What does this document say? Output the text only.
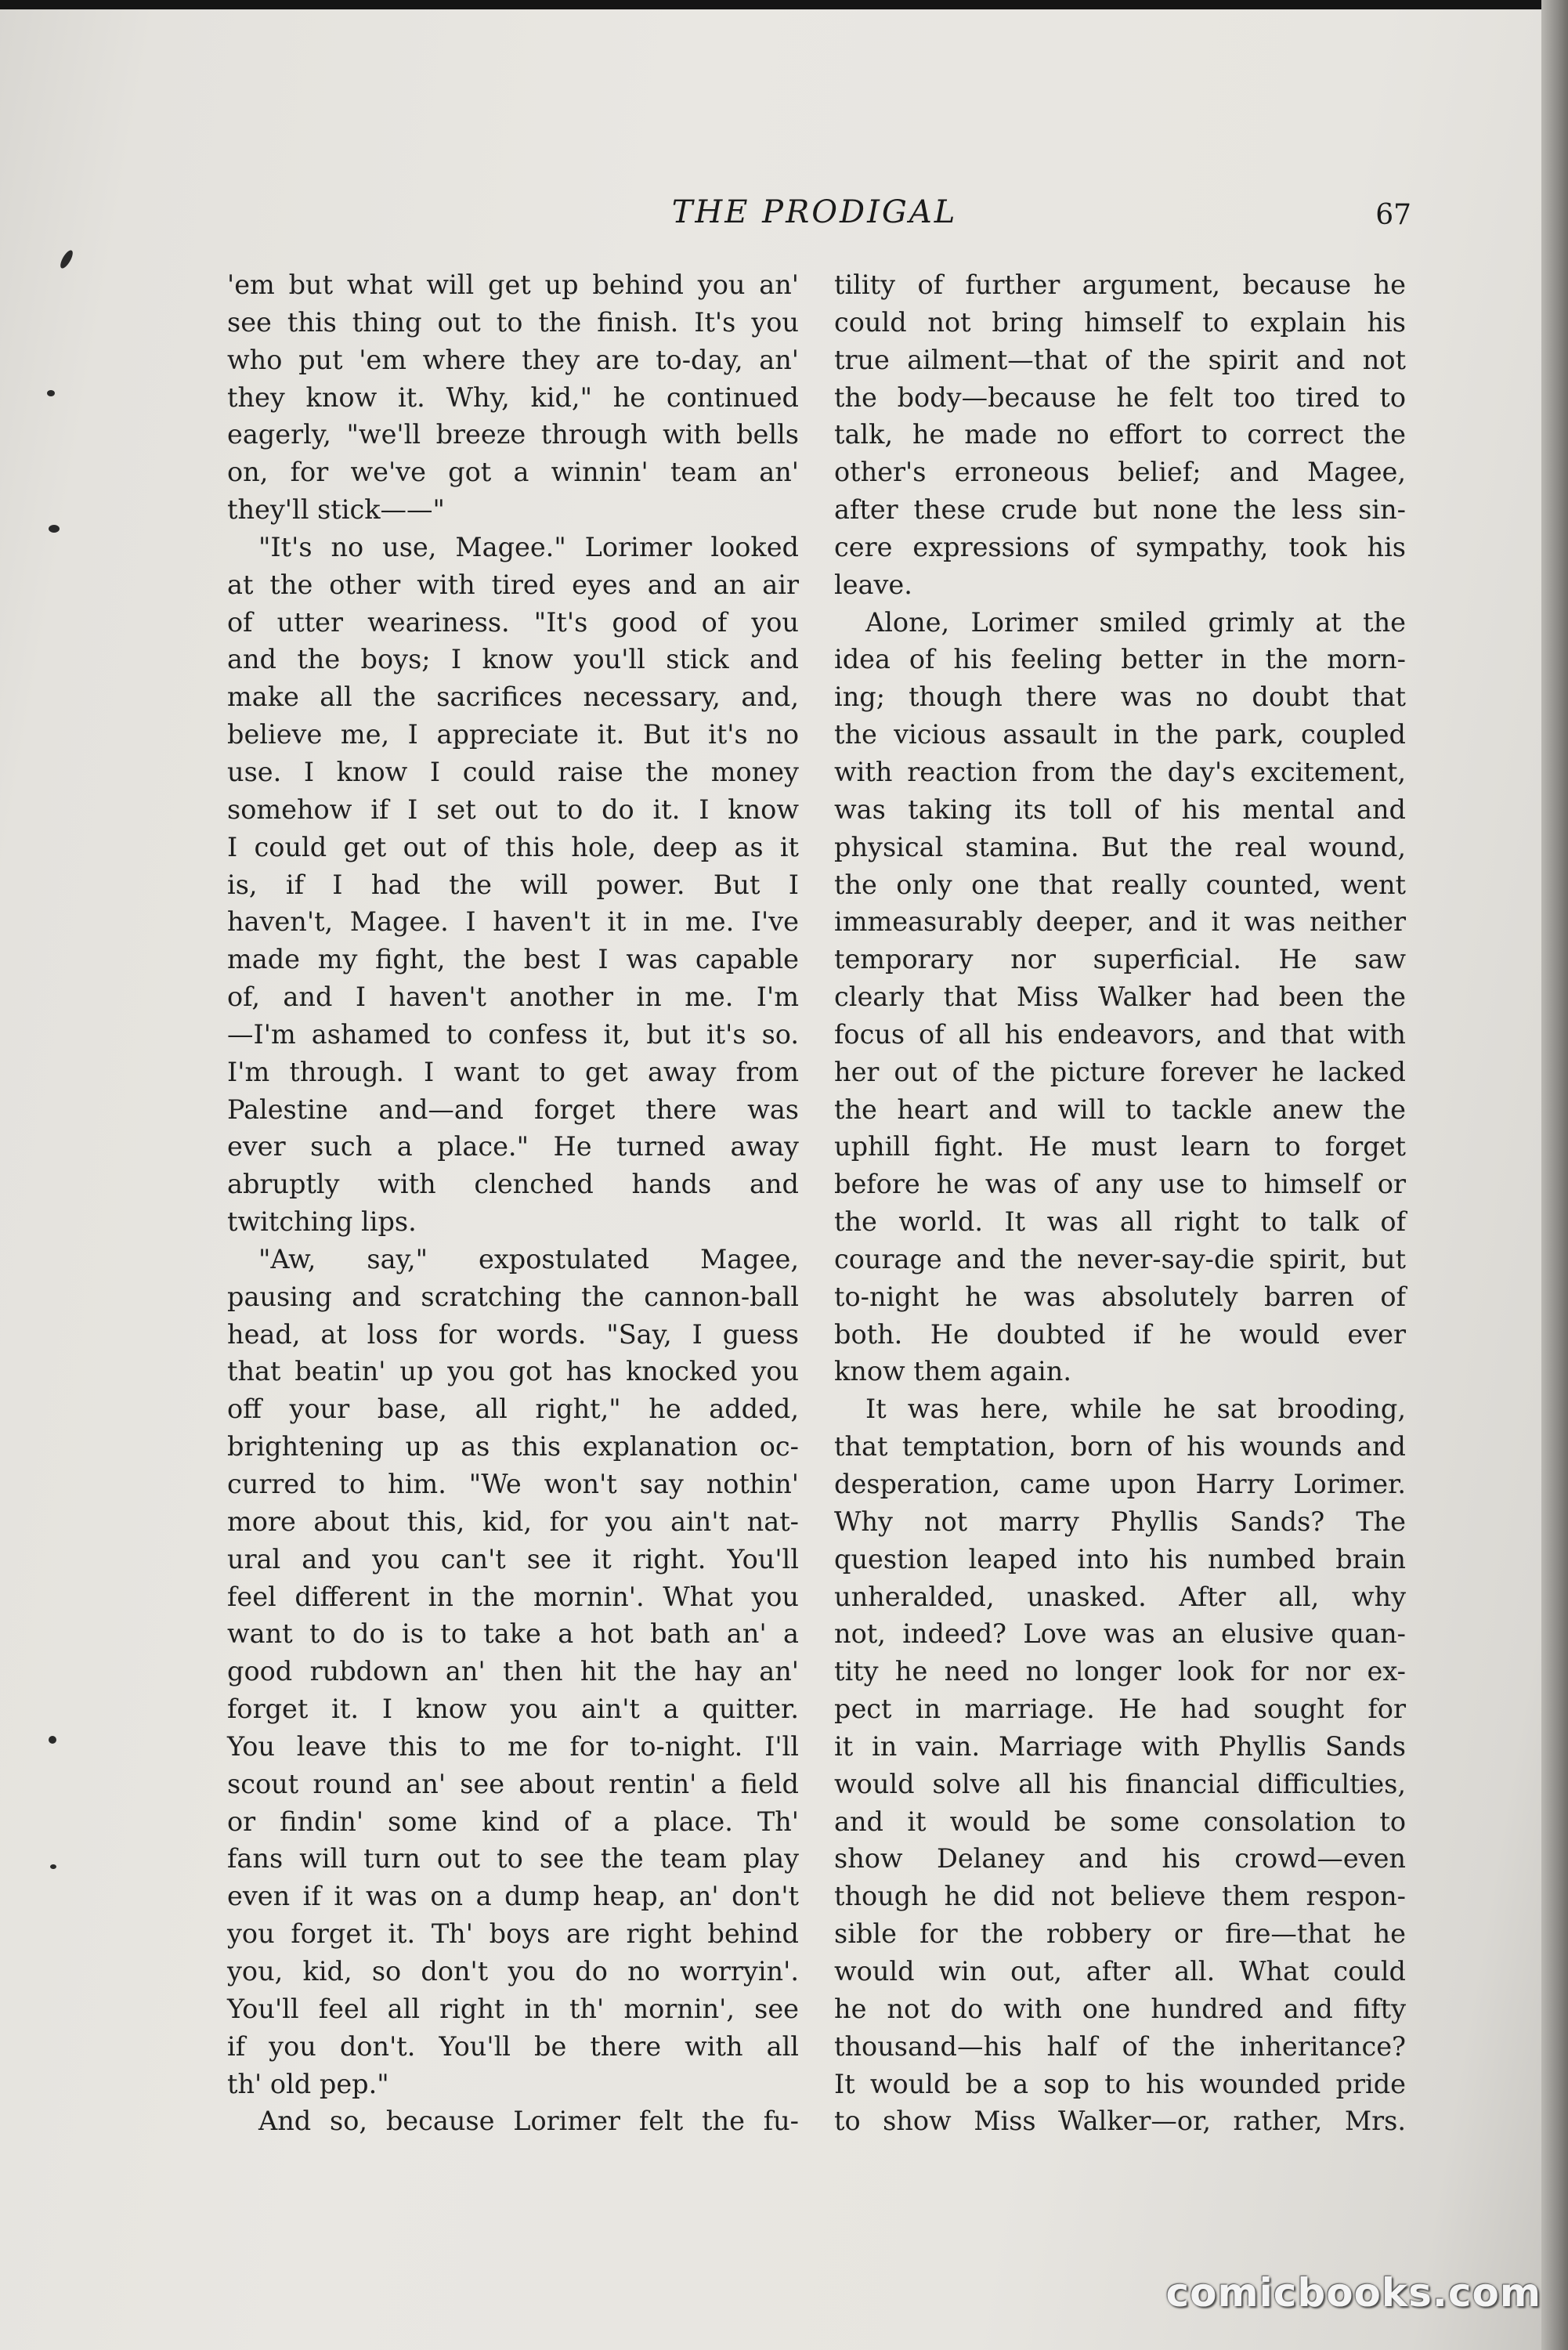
THE PRODIGAL	67
'em but what will get up behind you an'
see this thing out to the finish. It's you
who put 'em where they are to-day, an'
they know it. Why, kid," he continued
eagerly, "we'll breeze through with bells
on, for we've got a winnin' team an'
they'll stick——"
"It's no use, Magee." Lorimer looked
at the other with tired eyes and an air
of utter weariness. "It's good of you
and the boys; I know you'll stick and
make all the sacrifices necessary, and,
believe me, I appreciate it. But it's no
use. I know I could raise the money
somehow if I set out to do it. I know
I could get out of this hole, deep as it
is, if I had the will power. But I
haven't, Magee. I haven't it in me. I've
made my fight, the best I was capable
of, and I haven't another in me. I'm
—I'm ashamed to confess it, but it's so.
I'm through. I want to get away from
Palestine and—and forget there was
ever such a place." He turned away
abruptly with clenched hands and
twitching lips.
"Aw, say," expostulated Magee,
pausing and scratching the cannon-ball
head, at loss for words. "Say, I guess
that beatin' up you got has knocked you
off your base, all right," he added,
brightening up as this explanation oc-
curred to him. "We won't say nothin'
more about this, kid, for you ain't nat-
ural and you can't see it right. You'll
feel different in the mornin'. What you
want to do is to take a hot bath an' a
good rubdown an' then hit the hay an'
forget it. I know you ain't a quitter.
You leave this to me for to-night. I'll
scout round an' see about rentin' a field
or findin' some kind of a place. Th'
fans will turn out to see the team play
even if it was on a dump heap, an' don't
you forget it. Th' boys are right behind
you, kid, so don't you do no worryin'.
You'll feel all right in th' mornin', see
if you don't. You'll be there with all
th' old pep."
And so, because Lorimer felt the fu-
tility of further argument, because he
could not bring himself to explain his
true ailment—that of the spirit and not
the body—because he felt too tired to
talk, he made no effort to correct the
other's erroneous belief; and Magee,
after these crude but none the less sin-
cere expressions of sympathy, took his
leave.
Alone, Lorimer smiled grimly at the
idea of his feeling better in the morn-
ing; though there was no doubt that
the vicious assault in the park, coupled
with reaction from the day's excitement,
was taking its toll of his mental and
physical stamina. But the real wound,
the only one that really counted, went
immeasurably deeper, and it was neither
temporary nor superficial. He saw
clearly that Miss Walker had been the
focus of all his endeavors, and that with
her out of the picture forever he lacked
the heart and will to tackle anew the
uphill fight. He must learn to forget
before he was of any use to himself or
the world. It was all right to talk of
courage and the never-say-die spirit, but
to-night he was absolutely barren of
both. He doubted if he would ever
know them again.
It was here, while he sat brooding,
that temptation, born of his wounds and
desperation, came upon Harry Lorimer.
Why not marry Phyllis Sands? The
question leaped into his numbed brain
unheralded, unasked. After all, why
not, indeed? Love was an elusive quan-
tity he need no longer look for nor ex-
pect in marriage. He had sought for
it in vain. Marriage with Phyllis Sands
would solve all his financial difficulties,
and it would be some consolation to
show Delaney and his crowd—even
though he did not believe them respon-
sible for the robbery or fire—that he
would win out, after all. What could
he not do with one hundred and fifty
thousand—his half of the inheritance?
It would be a sop to his wounded pride
to show Miss Walker—or, rather, Mrs.
comicbooks.com
